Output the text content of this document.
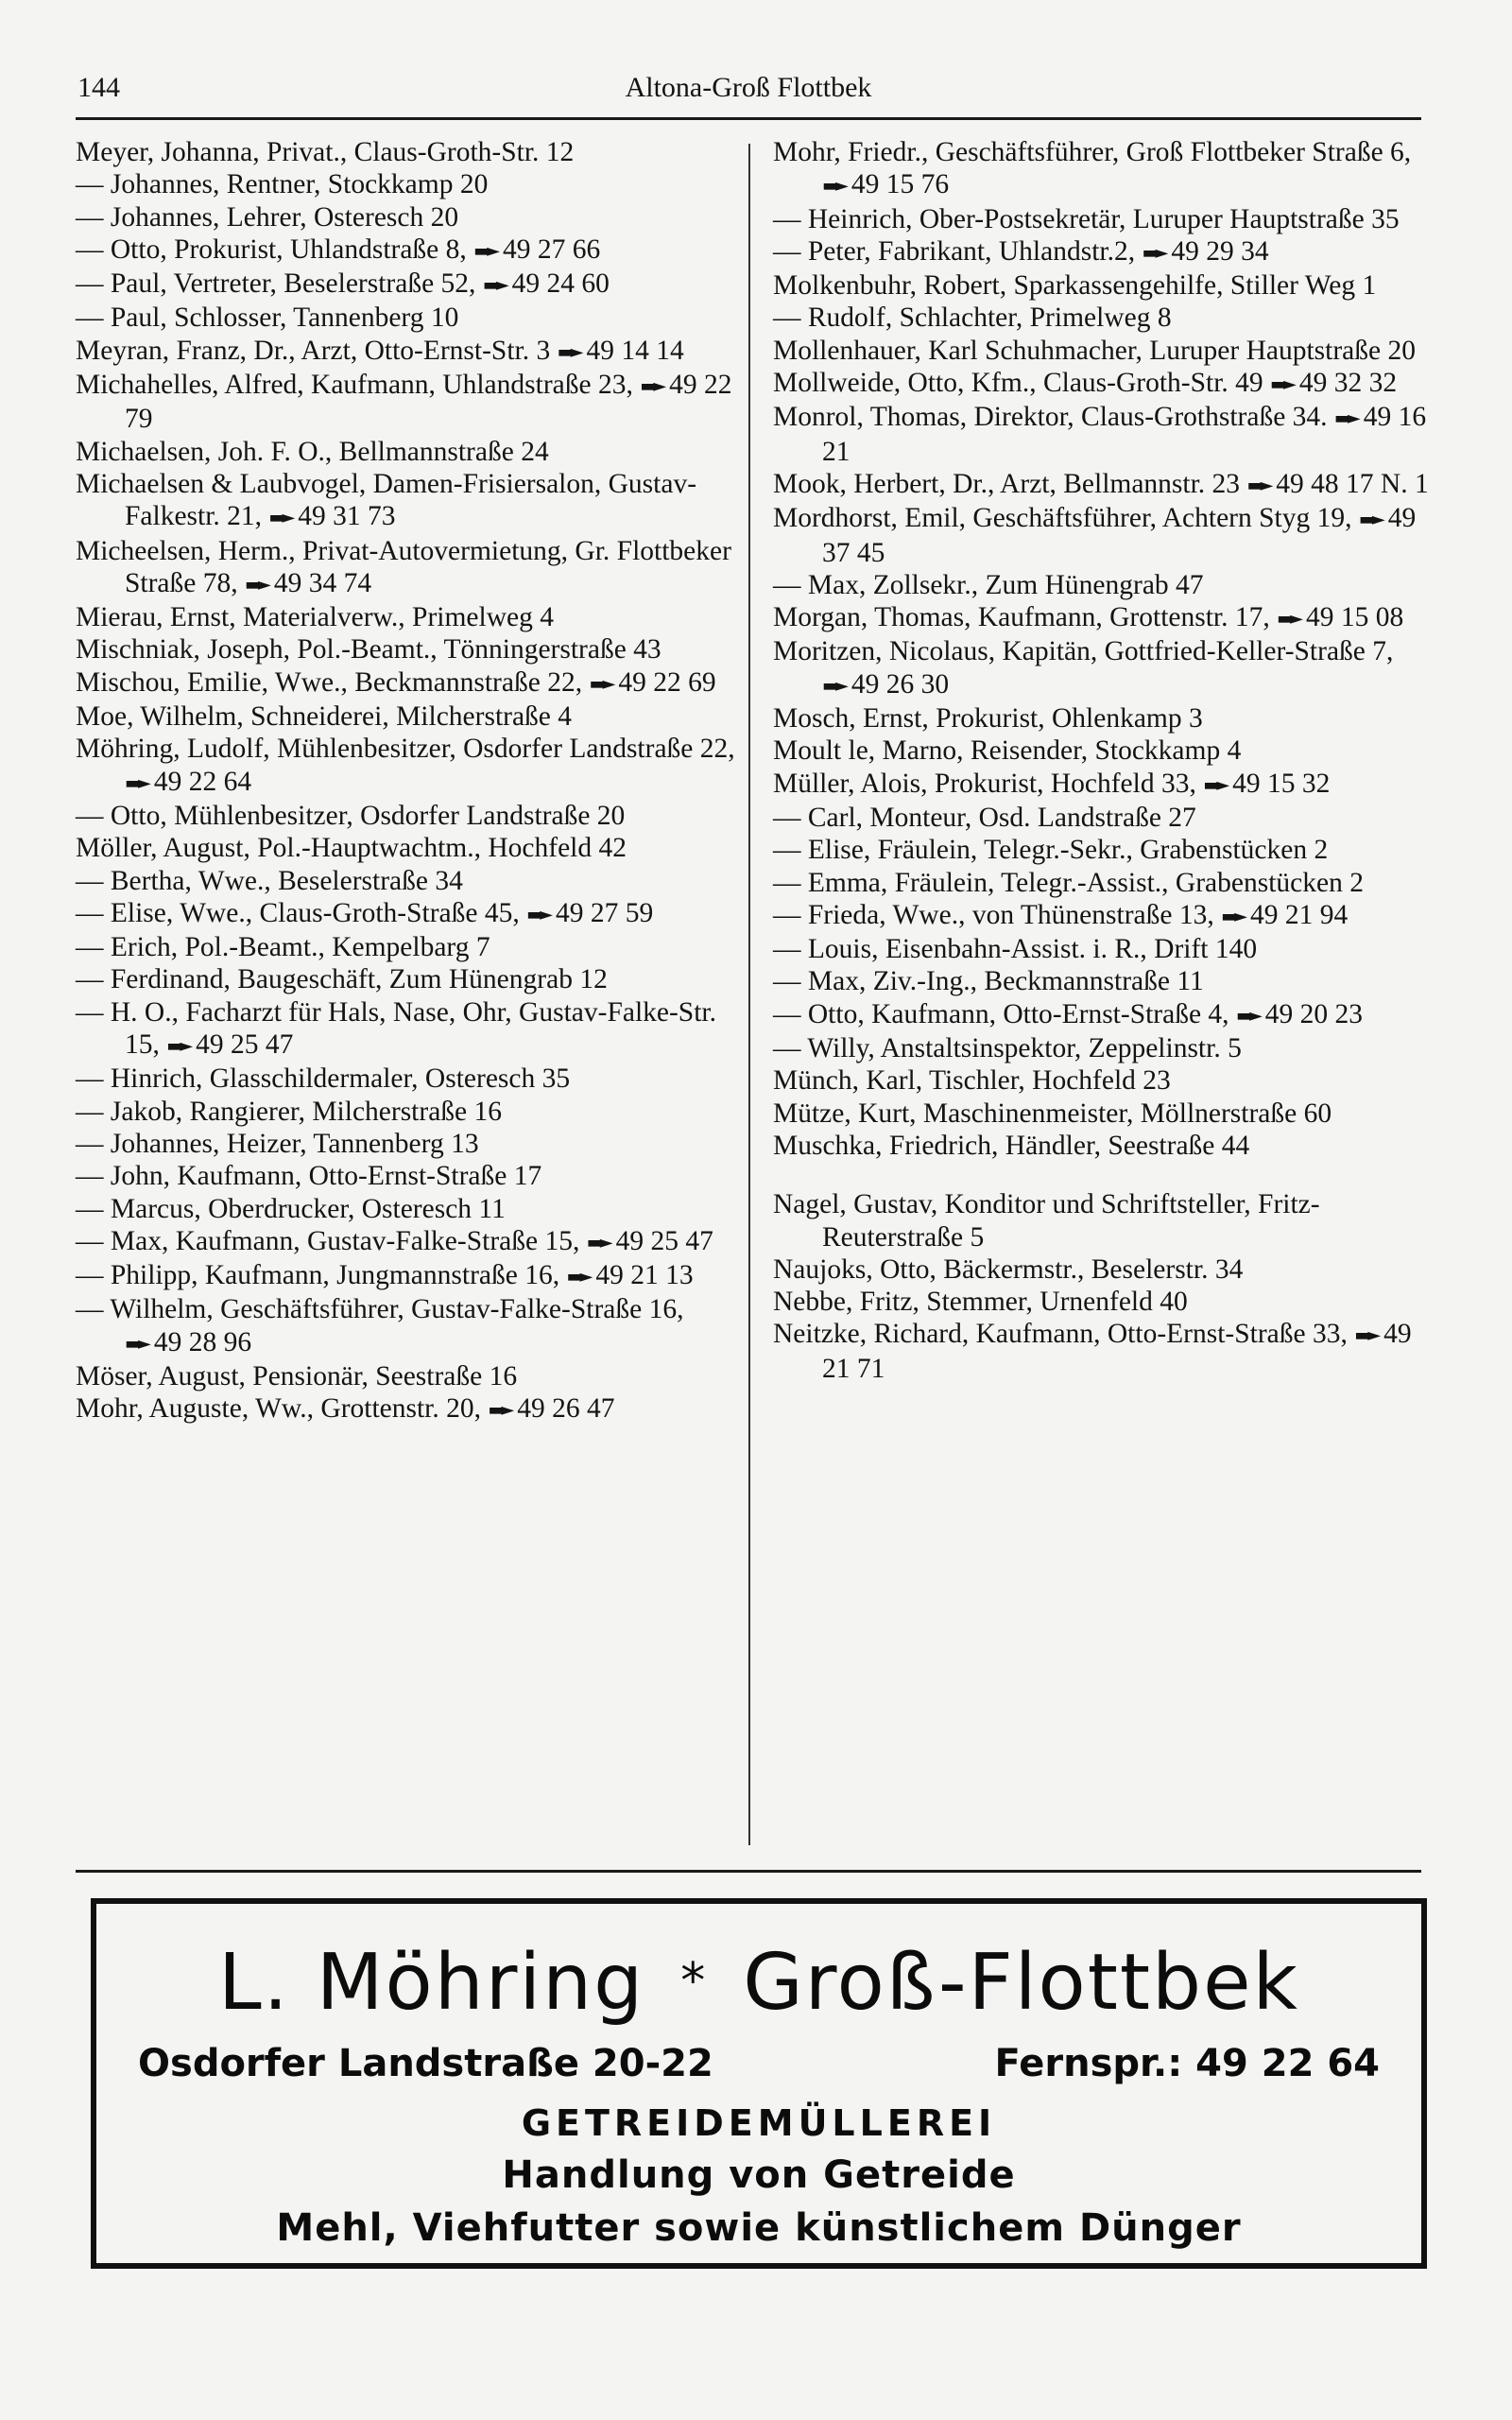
144	Altona-Groß Flottbek

Meyer, Johanna, Privat., Claus-Groth-Str. 12

— Johannes, Rentner, Stockkamp 20

— Johannes, Lehrer, Osteresch 20

— Otto, Prokurist, Uhlandstraße 8, ▬► 49 27 66

— Paul, Vertreter, Beselerstraße 52, ▬► 49 24 60

— Paul, Schlosser, Tannenberg 10

Meyran, Franz, Dr., Arzt, Otto-Ernst-Str. 3 ▬► 49 14 14

Michahelles, Alfred, Kaufmann, Uhlandstraße 23, ▬► 49 22 79

Michaelsen, Joh. F. O., Bellmannstraße 24

Michaelsen & Laubvogel, Damen-Frisiersalon, Gustav-Falkestr. 21, ▬► 49 31 73

Micheelsen, Herm., Privat-Autovermietung, Gr. Flottbeker Straße 78, ▬► 49 34 74

Mierau, Ernst, Materialverw., Primelweg 4

Mischniak, Joseph, Pol.-Beamt., Tönningerstraße 43

Mischou, Emilie, Wwe., Beckmannstraße 22, ▬► 49 22 69

Moe, Wilhelm, Schneiderei, Milcherstraße 4

Möhring, Ludolf, Mühlenbesitzer, Osdorfer Landstraße 22, ▬► 49 22 64

— Otto, Mühlenbesitzer, Osdorfer Landstraße 20

Möller, August, Pol.-Hauptwachtm., Hochfeld 42

— Bertha, Wwe., Beselerstraße 34

— Elise, Wwe., Claus-Groth-Straße 45, ▬► 49 27 59

— Erich, Pol.-Beamt., Kempelbarg 7

— Ferdinand, Baugeschäft, Zum Hünengrab 12

— H. O., Facharzt für Hals, Nase, Ohr, Gustav-Falke-Str. 15, ▬► 49 25 47

— Hinrich, Glasschildermaler, Osteresch 35

— Jakob, Rangierer, Milcherstraße 16

— Johannes, Heizer, Tannenberg 13

— John, Kaufmann, Otto-Ernst-Straße 17

— Marcus, Oberdrucker, Osteresch 11

— Max, Kaufmann, Gustav-Falke-Straße 15, ▬► 49 25 47

— Philipp, Kaufmann, Jungmannstraße 16, ▬► 49 21 13

— Wilhelm, Geschäftsführer, Gustav-Falke-Straße 16, ▬► 49 28 96

Möser, August, Pensionär, Seestraße 16

Mohr, Auguste, Ww., Grottenstr. 20, ▬► 49 26 47

Mohr, Friedr., Geschäftsführer, Groß Flottbeker Straße 6, ▬► 49 15 76

— Heinrich, Ober-Postsekretär, Luruper Hauptstraße 35

— Peter, Fabrikant, Uhlandstr.2, ▬► 49 29 34

Molkenbuhr, Robert, Sparkassengehilfe, Stiller Weg 1

— Rudolf, Schlachter, Primelweg 8

Mollenhauer, Karl Schuhmacher, Luruper Hauptstraße 20

Mollweide, Otto, Kfm., Claus-Groth-Str. 49 ▬► 49 32 32

Monrol, Thomas, Direktor, Claus-Grothstraße 34. ▬► 49 16 21

Mook, Herbert, Dr., Arzt, Bellmannstr. 23 ▬► 49 48 17 N. 1

Mordhorst, Emil, Geschäftsführer, Achtern Styg 19, ▬► 49 37 45

— Max, Zollsekr., Zum Hünengrab 47

Morgan, Thomas, Kaufmann, Grottenstr. 17, ▬► 49 15 08

Moritzen, Nicolaus, Kapitän, Gottfried-Keller-Straße 7, ▬► 49 26 30

Mosch, Ernst, Prokurist, Ohlenkamp 3

Moult le, Marno, Reisender, Stockkamp 4

Müller, Alois, Prokurist, Hochfeld 33, ▬► 49 15 32

— Carl, Monteur, Osd. Landstraße 27

— Elise, Fräulein, Telegr.-Sekr., Grabenstücken 2

— Emma, Fräulein, Telegr.-Assist., Grabenstücken 2

— Frieda, Wwe., von Thünenstraße 13, ▬► 49 21 94

— Louis, Eisenbahn-Assist. i. R., Drift 140

— Max, Ziv.-Ing., Beckmannstraße 11

— Otto, Kaufmann, Otto-Ernst-Straße 4, ▬► 49 20 23

— Willy, Anstaltsinspektor, Zeppelinstr. 5

Münch, Karl, Tischler, Hochfeld 23

Mütze, Kurt, Maschinenmeister, Möllnerstraße 60

Muschka, Friedrich, Händler, Seestraße 44

Nagel, Gustav, Konditor und Schriftsteller, Fritz-Reuterstraße 5

Naujoks, Otto, Bäckermstr., Beselerstr. 34

Nebbe, Fritz, Stemmer, Urnenfeld 40

Neitzke, Richard, Kaufmann, Otto-Ernst-Straße 33, ▬► 49 21 71

L. Möhring * Groß-Flottbek
Osdorfer Landstraße 20-22	Fernspr.: 49 22 64
GETREIDEMÜLLEREI
Handlung von Getreide
Mehl, Viehfutter sowie künstlichem Dünger
